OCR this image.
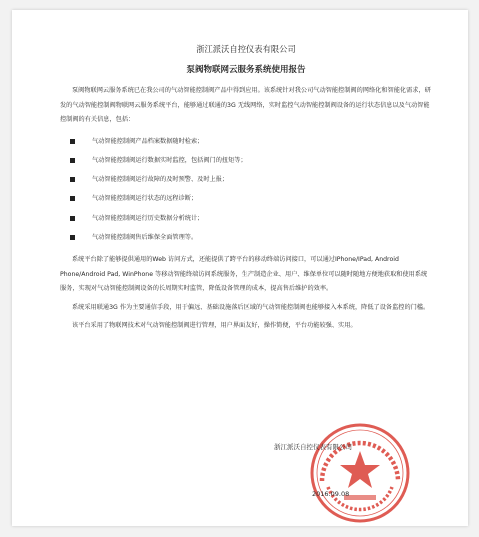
浙江派沃自控仪表有限公司
泵阀物联网云服务系统使用报告

泵阀物联网云服务系统已在我公司的气动智能控制阀产品中得到应用。该系统针对我公司气动智能控制阀的网络化和智能化需求，研发的气动智能控制阀物联网云服务系统平台，能够通过联通的3G 无线网络，实时监控气动智能控制阀设备的运行状态信息以及气动智能控制阀的有关信息，包括：

气动智能控制阀产品档案数据随时检索；
气动智能控制阀运行数据实时监控，包括阀门的扭矩等；
气动智能控制阀运行故障的及时预警、及时上报；
气动智能控制阀运行状态的远程诊断；
气动智能控制阀运行历史数据分析统计；
气动智能控制阀售后维保全面管理等。

系统平台除了能够提供通用的Web 访问方式，还能提供了跨平台的移动终端访问接口，可以通过IPhone/IPad, Android Phone/Android Pad, WinPhone 等移动智能终端访问系统服务，生产制造企业、用户、维保单位可以随时随地方便地获取和使用系统服务，实现对气动智能控制阀设备的长周期实时监管，降低设备管理的成本，提高售后维护的效率。

系统采用联通3G 作为主要通信手段，用于偏远、基础设施落后区域的气动智能控制阀也能够接入本系统，降低了设备监控的门槛。

该平台采用了物联网技术对气动智能控制阀进行管理，用户界面友好，操作简便，平台功能较强、实用。

浙江派沃自控仪表有限公司
2016.09.08
